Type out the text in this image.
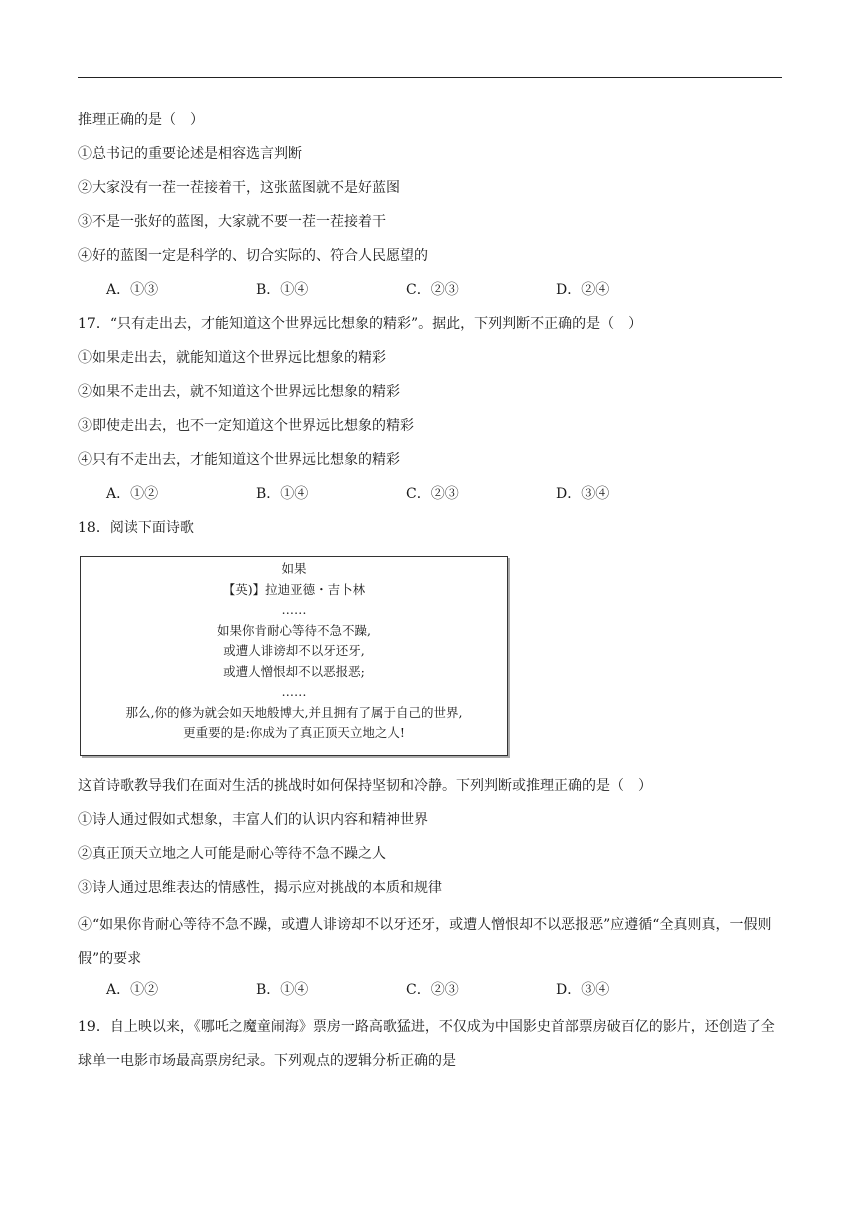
推理正确的是（　）
①总书记的重要论述是相容选言判断
②大家没有一茬一茬接着干，这张蓝图就不是好蓝图
③不是一张好的蓝图，大家就不要一茬一茬接着干
④好的蓝图一定是科学的、切合实际的、符合人民愿望的
A．①③	B．①④	C．②③	D．②④
17．“只有走出去，才能知道这个世界远比想象的精彩”。据此，下列判断不正确的是（　）
①如果走出去，就能知道这个世界远比想象的精彩
②如果不走出去，就不知道这个世界远比想象的精彩
③即使走出去，也不一定知道这个世界远比想象的精彩
④只有不走出去，才能知道这个世界远比想象的精彩
A．①②	B．①④	C．②③	D．③④
18．阅读下面诗歌
如果
【英)】拉迪亚德・吉卜林
……
如果你肯耐心等待不急不躁,
或遭人诽谤却不以牙还牙,
或遭人憎恨却不以恶报恶;
……
那么,你的修为就会如天地般博大,并且拥有了属于自己的世界,
更重要的是:你成为了真正顶天立地之人!
这首诗歌教导我们在面对生活的挑战时如何保持坚韧和冷静。下列判断或推理正确的是（　）
①诗人通过假如式想象，丰富人们的认识内容和精神世界
②真正顶天立地之人可能是耐心等待不急不躁之人
③诗人通过思维表达的情感性，揭示应对挑战的本质和规律
④“如果你肯耐心等待不急不躁，或遭人诽谤却不以牙还牙，或遭人憎恨却不以恶报恶”应遵循“全真则真，一假则假”的要求
A．①②	B．①④	C．②③	D．③④
19．自上映以来，《哪吒之魔童闹海》票房一路高歌猛进，不仅成为中国影史首部票房破百亿的影片，还创造了全球单一电影市场最高票房纪录。下列观点的逻辑分析正确的是
